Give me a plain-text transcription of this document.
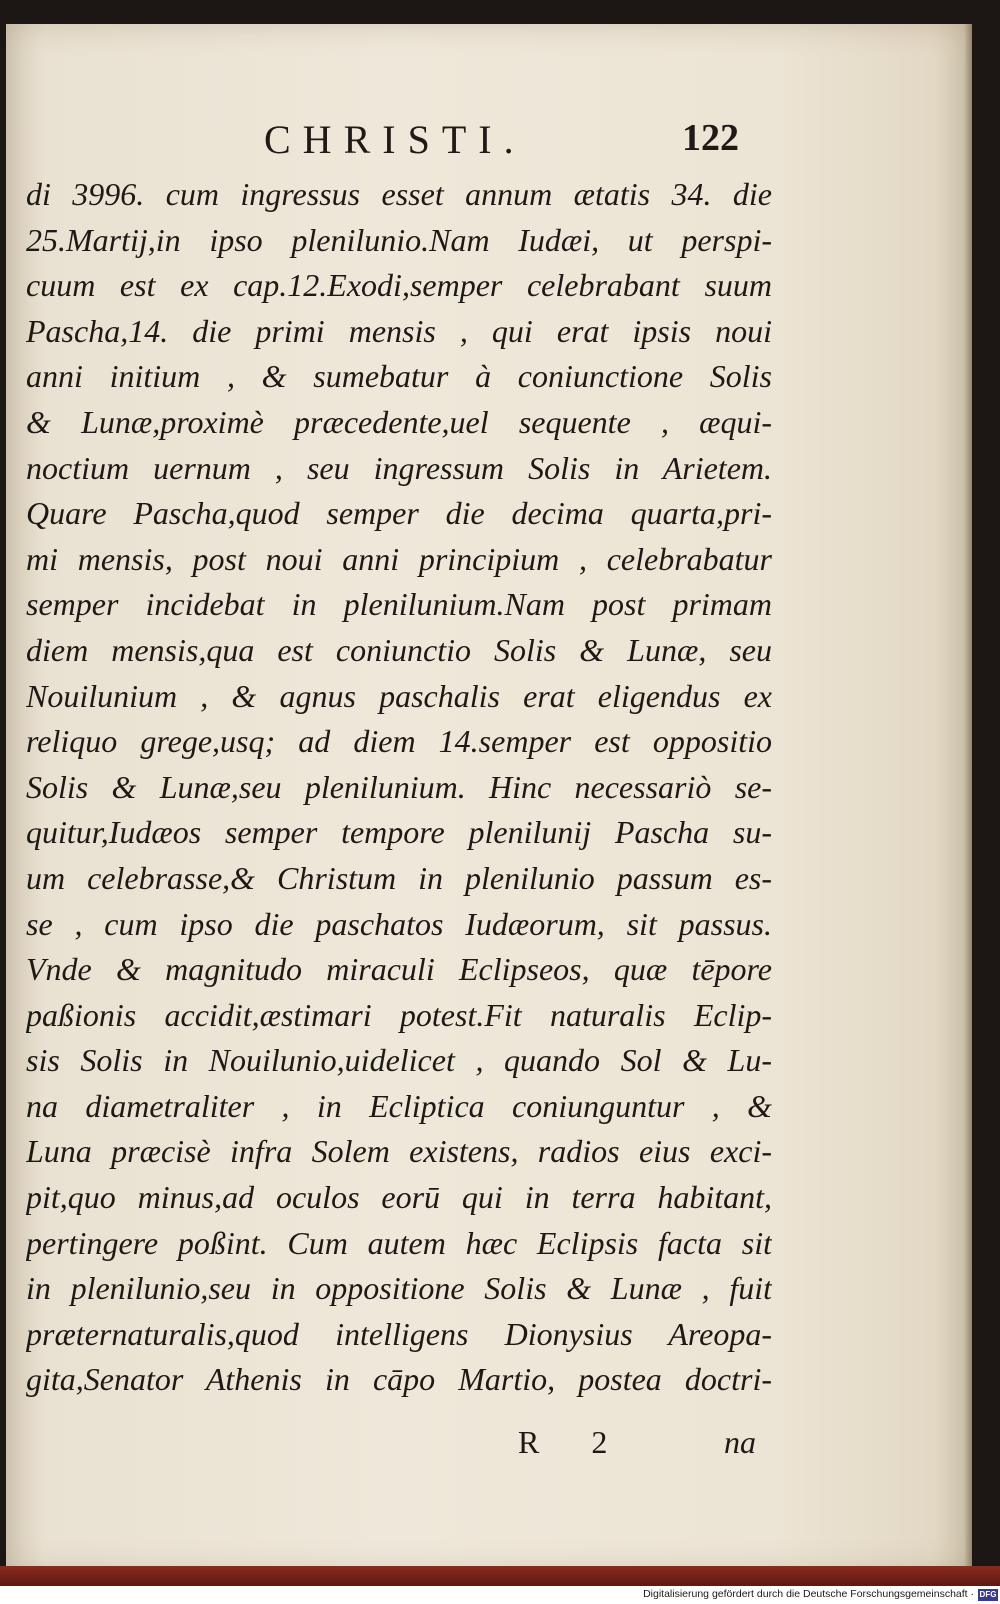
CHRISTI.	122
di 3996. cum ingressus esset annum ætatis 34. die
25.Martij,in ipso plenilunio.Nam Iudæi, ut perspi-
cuum est ex cap.12.Exodi,semper celebrabant suum
Pascha,14. die primi mensis , qui erat ipsis noui
anni initium , & sumebatur à coniunctione Solis
& Lunæ,proximè præcedente,uel sequente , æqui-
noctium uernum , seu ingressum Solis in Arietem.
Quare Pascha,quod semper die decima quarta,pri-
mi mensis, post noui anni principium , celebrabatur
semper incidebat in plenilunium.Nam post primam
diem mensis,qua est coniunctio Solis & Lunæ, seu
Nouilunium , & agnus paschalis erat eligendus ex
reliquo grege,usq; ad diem 14.semper est oppositio
Solis & Lunæ,seu plenilunium. Hinc necessariò se-
quitur,Iudæos semper tempore plenilunij Pascha su-
um celebrasse,& Christum in plenilunio passum es-
se , cum ipso die paschatos Iudæorum, sit passus.
Vnde & magnitudo miraculi Eclipseos, quæ tēpore
paßionis accidit,æstimari potest.Fit naturalis Eclip-
sis Solis in Nouilunio,uidelicet , quando Sol & Lu-
na diametraliter , in Ecliptica coniunguntur , &
Luna præcisè infra Solem existens, radios eius exci-
pit,quo minus,ad oculos eorū qui in terra habitant,
pertingere poßint. Cum autem hæc Eclipsis facta sit
in plenilunio,seu in oppositione Solis & Lunæ , fuit
præternaturalis,quod intelligens Dionysius Areopa-
gita,Senator Athenis in cāpo Martio, postea doctri-
R 2	na
Digitalisierung gefördert durch die Deutsche Forschungsgemeinschaft · DFG
